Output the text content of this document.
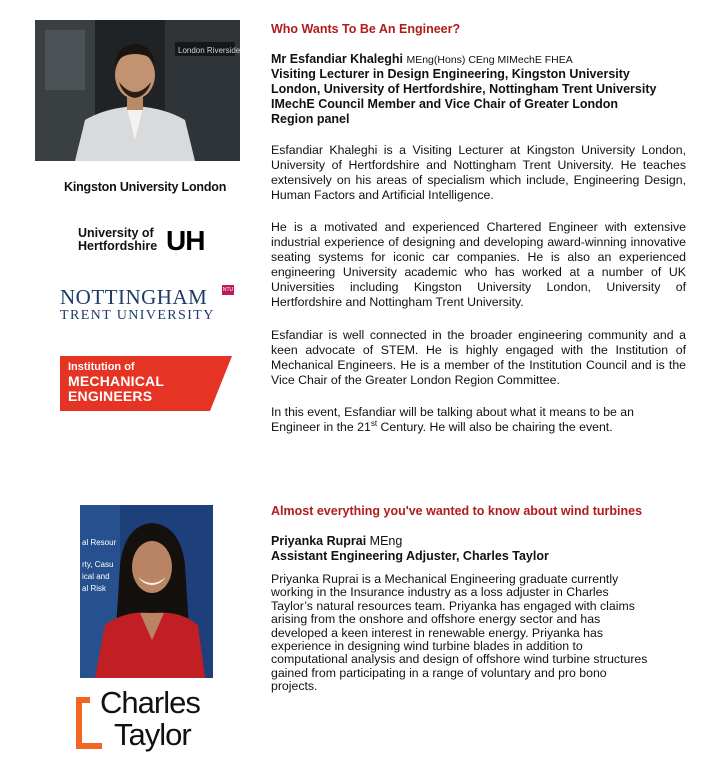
London Riverside
Kingston University London
University of
Hertfordshire UH
NOTTINGHAM
TRENT UNIVERSITY
NTU
Institution of
MECHANICAL
ENGINEERS
Who Wants To Be An Engineer?
Mr Esfandiar Khaleghi MEng(Hons) CEng MIMechE FHEA
Visiting Lecturer in Design Engineering, Kingston University
London, University of Hertfordshire, Nottingham Trent University
IMechE Council Member and Vice Chair of Greater London
Region panel
Esfandiar Khaleghi is a Visiting Lecturer at Kingston University London, University of Hertfordshire and Nottingham Trent University. He teaches extensively on his areas of specialism which include, Engineering Design, Human Factors and Artificial Intelligence.
He is a motivated and experienced Chartered Engineer with extensive industrial experience of designing and developing award-winning innovative seating systems for iconic car companies. He is also an experienced engineering University academic who has worked at a number of UK Universities including Kingston University London, University of Hertfordshire and Nottingham Trent University.
Esfandiar is well connected in the broader engineering community and a keen advocate of STEM. He is highly engaged with the Institution of Mechanical Engineers. He is a member of the Institution Council and is the Vice Chair of the Greater London Region Committee.
In this event, Esfandiar will be talking about what it means to be an Engineer in the 21st Century. He will also be chairing the event.
al Resour
rty, Casu
ical and
al Risk
Charles
Taylor
Almost everything you've wanted to know about wind turbines
Priyanka Ruprai MEng
Assistant Engineering Adjuster, Charles Taylor
Priyanka Ruprai is a Mechanical Engineering graduate currently
working in the Insurance industry as a loss adjuster in Charles
Taylor’s natural resources team. Priyanka has engaged with claims
arising from the onshore and offshore energy sector and has
developed a keen interest in renewable energy. Priyanka has
experience in designing wind turbine blades in addition to
computational analysis and design of offshore wind turbine structures
gained from participating in a range of voluntary and pro bono
projects.
